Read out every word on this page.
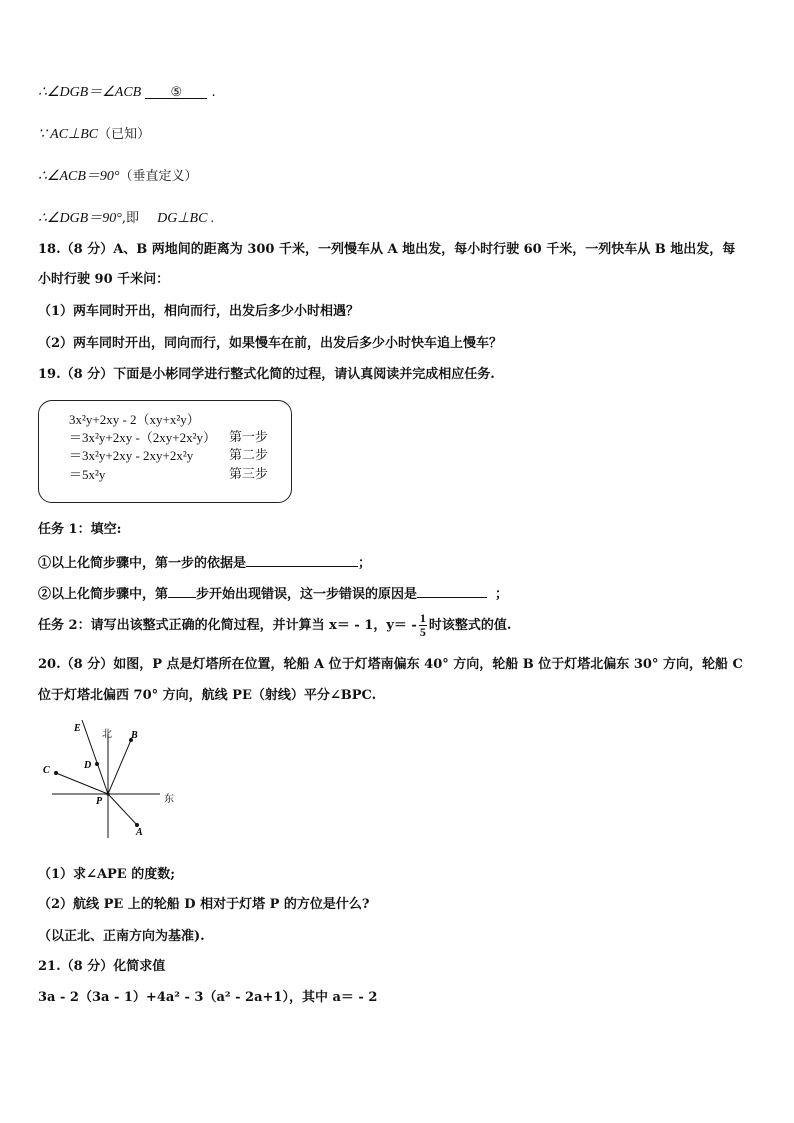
∴∠DGB＝∠ACB ⑤ .
∵ AC⊥BC（已知）
∴∠ACB＝90°（垂直定义）
∴∠DGB＝90°,即 DG⊥BC .
18.（8 分）A、B 两地间的距离为 300 千米，一列慢车从 A 地出发，每小时行驶 60 千米，一列快车从 B 地出发，每
小时行驶 90 千米问：
（1）两车同时开出，相向而行，出发后多少小时相遇？
（2）两车同时开出，同向而行，如果慢车在前，出发后多少小时快车追上慢车？
19.（8 分）下面是小彬同学进行整式化简的过程，请认真阅读并完成相应任务.
3x²y+2xy - 2（xy+x²y）
＝3x²y+2xy -（2xy+2x²y） 第一步
＝3x²y+2xy - 2xy+2x²y	第二步
＝5x²y	第三步
任务 1：填空:
①以上化简步骤中，第一步的依据是	；
②以上化简步骤中，第 步开始出现错误，这一步错误的原因是	；
任务 2：请写出该整式正确的化简过程，并计算当 x＝ - 1，$y= - \frac{1}{5}$ 时该整式的值.
20.（8 分）如图，P 点是灯塔所在位置，轮船 A 位于灯塔南偏东 40° 方向，轮船 B 位于灯塔北偏东 30° 方向，轮船 C
位于灯塔北偏西 70° 方向，航线 PE（射线）平分∠BPC.
北
东
E
B
C	D
P
A
（1）求∠APE 的度数;
（2）航线 PE 上的轮船 D 相对于灯塔 P 的方位是什么?
（以正北、正南方向为基准).
21.（8 分）化简求值
3a - 2（3a - 1）+4a² - 3（a² - 2a+1），其中 a＝ - 2
